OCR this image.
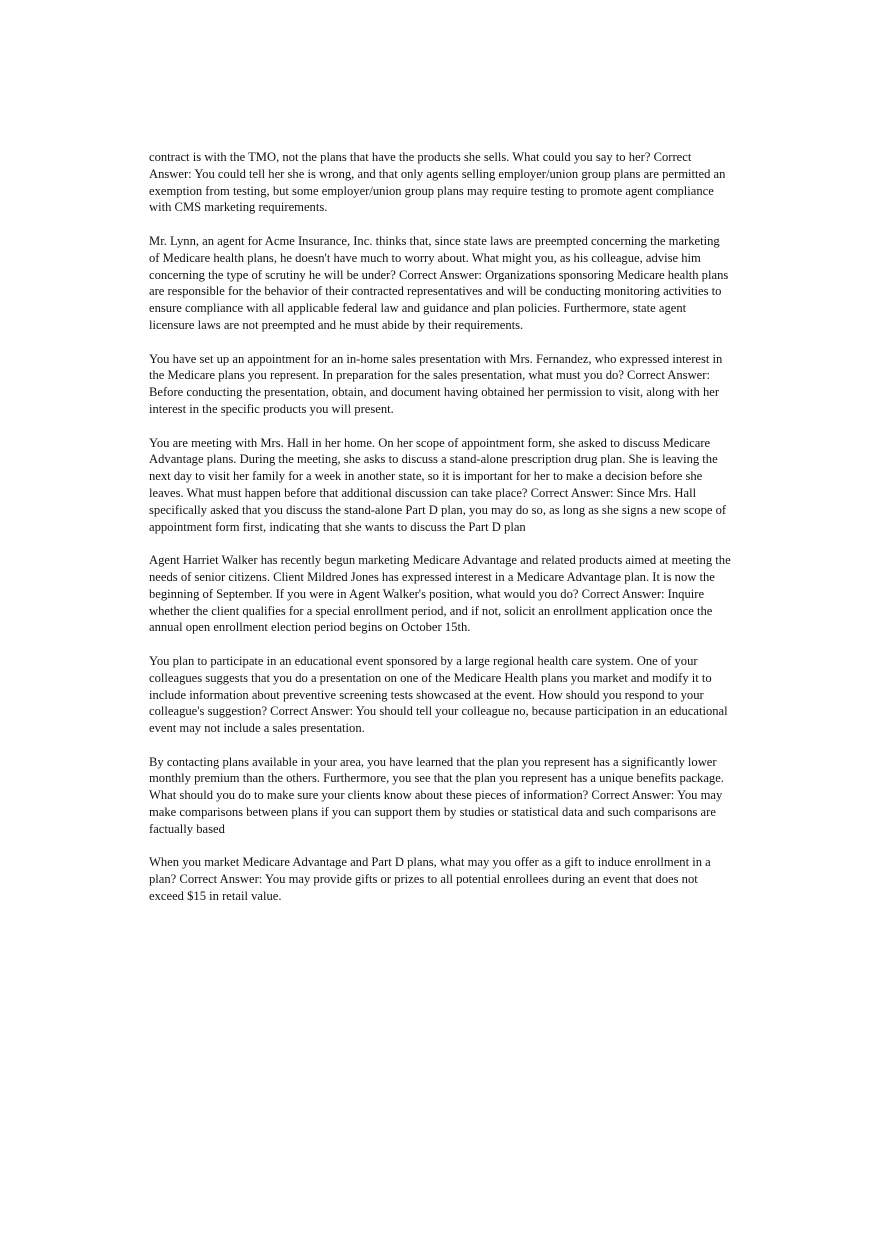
contract is with the TMO, not the plans that have the products she sells. What could you say to her? Correct Answer: You could tell her she is wrong, and that only agents selling employer/union group plans are permitted an exemption from testing, but some employer/union group plans may require testing to promote agent compliance with CMS marketing requirements.

Mr. Lynn, an agent for Acme Insurance, Inc. thinks that, since state laws are preempted concerning the marketing of Medicare health plans, he doesn't have much to worry about. What might you, as his colleague, advise him concerning the type of scrutiny he will be under? Correct Answer: Organizations sponsoring Medicare health plans are responsible for the behavior of their contracted representatives and will be conducting monitoring activities to ensure compliance with all applicable federal law and guidance and plan policies. Furthermore, state agent licensure laws are not preempted and he must abide by their requirements.

You have set up an appointment for an in-home sales presentation with Mrs. Fernandez, who expressed interest in the Medicare plans you represent. In preparation for the sales presentation, what must you do? Correct Answer: Before conducting the presentation, obtain, and document having obtained her permission to visit, along with her interest in the specific products you will present.

You are meeting with Mrs. Hall in her home. On her scope of appointment form, she asked to discuss Medicare Advantage plans. During the meeting, she asks to discuss a stand-alone prescription drug plan. She is leaving the next day to visit her family for a week in another state, so it is important for her to make a decision before she leaves. What must happen before that additional discussion can take place? Correct Answer: Since Mrs. Hall specifically asked that you discuss the stand-alone Part D plan, you may do so, as long as she signs a new scope of appointment form first, indicating that she wants to discuss the Part D plan

Agent Harriet Walker has recently begun marketing Medicare Advantage and related products aimed at meeting the needs of senior citizens. Client Mildred Jones has expressed interest in a Medicare Advantage plan. It is now the beginning of September. If you were in Agent Walker's position, what would you do? Correct Answer: Inquire whether the client qualifies for a special enrollment period, and if not, solicit an enrollment application once the annual open enrollment election period begins on October 15th.

You plan to participate in an educational event sponsored by a large regional health care system. One of your colleagues suggests that you do a presentation on one of the Medicare Health plans you market and modify it to include information about preventive screening tests showcased at the event. How should you respond to your colleague's suggestion? Correct Answer: You should tell your colleague no, because participation in an educational event may not include a sales presentation.

By contacting plans available in your area, you have learned that the plan you represent has a significantly lower monthly premium than the others. Furthermore, you see that the plan you represent has a unique benefits package. What should you do to make sure your clients know about these pieces of information? Correct Answer: You may make comparisons between plans if you can support them by studies or statistical data and such comparisons are factually based

When you market Medicare Advantage and Part D plans, what may you offer as a gift to induce enrollment in a plan? Correct Answer: You may provide gifts or prizes to all potential enrollees during an event that does not exceed $15 in retail value.
